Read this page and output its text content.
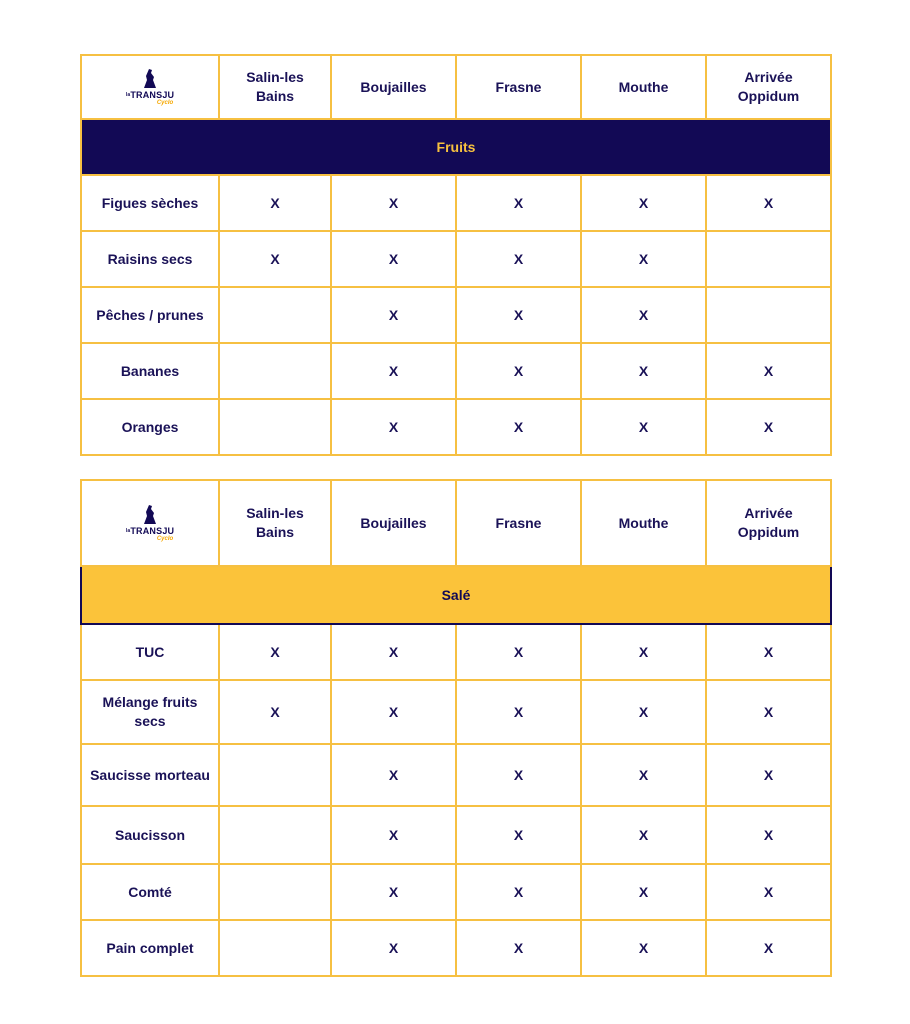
$^{la}$TRANSJU
Cyclo	Salin-les Bains	Boujailles	Frasne	Mouthe	Arrivée Oppidum
Fruits					
Figues sèches	X	X	X	X	X
Raisins secs	X	X	X	X	
Pêches / prunes		X	X	X	
Bananes		X	X	X	X
Oranges		X	X	X	X
$^{la}$TRANSJU
Cyclo	Salin-les Bains	Boujailles	Frasne	Mouthe	Arrivée Oppidum
Salé					
TUC	X	X	X	X	X
Mélange fruits secs	X	X	X	X	X
Saucisse morteau		X	X	X	X
Saucisson		X	X	X	X
Comté		X	X	X	X
Pain complet		X	X	X	X
